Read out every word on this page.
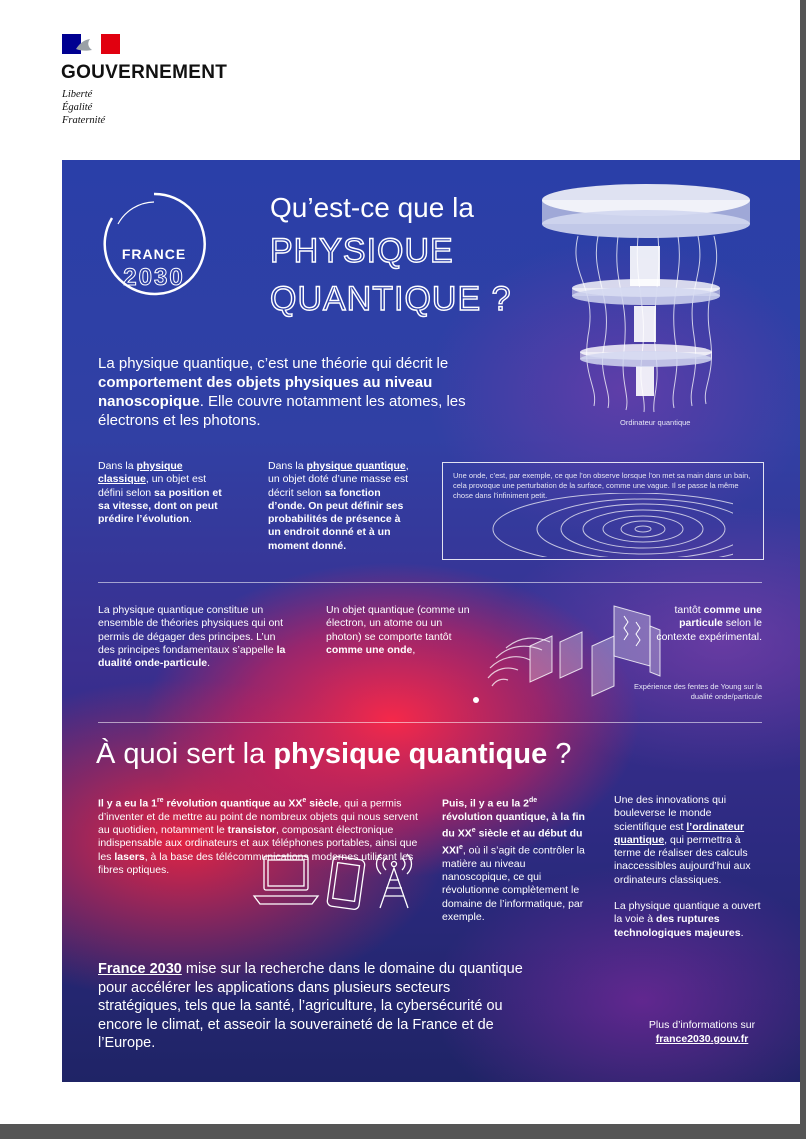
GOUVERNEMENT
Liberté
Égalité
Fraternité
FRANCE
2030
Qu’est-ce que la
PHYSIQUE
QUANTIQUE ?
Ordinateur quantique
La physique quantique, c’est une théorie qui décrit le comportement des objets physiques au niveau nanoscopique. Elle couvre notamment les atomes, les électrons et les photons.
Dans la physique classique, un objet est défini selon sa position et sa vitesse, dont on peut prédire l’évolution.
Dans la physique quantique, un objet doté d’une masse est décrit selon sa fonction d’onde. On peut définir ses probabilités de présence à un endroit donné et à un moment donné.
Une onde, c’est, par exemple, ce que l’on observe lorsque l’on met sa main dans un bain, cela provoque une perturbation de la surface, comme une vague. Il se passe la même chose dans l’infiniment petit.
La physique quantique constitue un ensemble de théories physiques qui ont permis de dégager des principes. L’un des principes fondamentaux s’appelle la dualité onde-particule.
Un objet quantique (comme un électron, un atome ou un photon) se comporte tantôt comme une onde,
tantôt comme une particule selon le contexte expérimental.
Expérience des fentes de Young sur la dualité onde/particule
À quoi sert la physique quantique ?
Il y a eu la 1re révolution quantique au XXe siècle, qui a permis d’inventer et de mettre au point de nombreux objets qui nous servent au quotidien, notamment le transistor, composant électronique indispensable aux ordinateurs et aux téléphones portables, ainsi que les lasers, à la base des télécommunications modernes utilisant les fibres optiques.
Puis, il y a eu la 2de révolution quantique, à la fin du XXe siècle et au début du XXIe, où il s’agit de contrôler la matière au niveau nanoscopique, ce qui révolutionne complètement le domaine de l’informatique, par exemple.
Une des innovations qui bouleverse le monde scientifique est l’ordinateur quantique, qui permettra à terme de réaliser des calculs inaccessibles aujourd’hui aux ordinateurs classiques.
La physique quantique a ouvert la voie à des ruptures technologiques majeures.
France 2030 mise sur la recherche dans le domaine du quantique pour accélérer les applications dans plusieurs secteurs stratégiques, tels que la santé, l’agriculture, la cybersécurité ou encore le climat, et asseoir la souveraineté de la France et de l’Europe.
Plus d’informations sur
france2030.gouv.fr
